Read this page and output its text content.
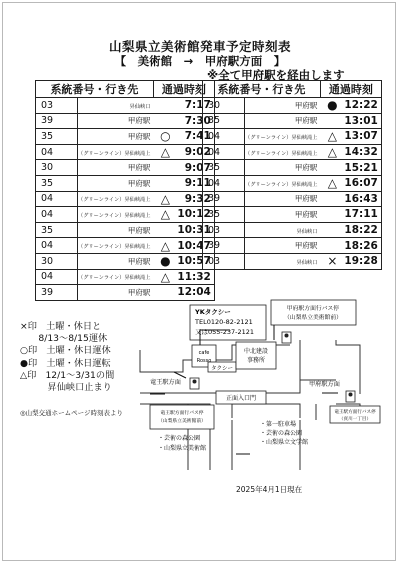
山梨県立美術館発車予定時刻表
【　美術館　→　甲府駅方面　】
※全て甲府駅を経由します
系統番号・行き先		通過時刻	
03	昇仙峡口		7:17
39	甲府駅		7:30
35	甲府駅	○	7:41
04	（グリーンライン）昇仙峡滝上	△	9:02
30	甲府駅		9:07
35	甲府駅		9:11
04	（グリーンライン）昇仙峡滝上	△	9:32
04	（グリーンライン）昇仙峡滝上	△	10:12
35	甲府駅		10:31
04	（グリーンライン）昇仙峡滝上	△	10:47
30	甲府駅	●	10:57
04	（グリーンライン）昇仙峡滝上	△	11:32
39	甲府駅		12:04
系統番号・行き先		通過時刻	
30	甲府駅	●	12:22
35	甲府駅		13:01
04	（グリーンライン）昇仙峡滝上	△	13:07
04	（グリーンライン）昇仙峡滝上	△	14:32
35	甲府駅		15:21
04	（グリーンライン）昇仙峡滝上	△	16:07
39	甲府駅		16:43
35	甲府駅		17:11
03	昇仙峡口		18:22
39	甲府駅		18:26
03	昇仙峡口	×	19:28
×印　土曜・休日と
　　8/13～8/15運休
○印　土曜・休日運休
●印　土曜・休日運転
△印　12/1～3/31の間
　　　昇仙峡口止まり
◎山梨交通ホームページ時刻表より
YKタクシー
TEL0120-82-2121
又は055-237-2121
甲府駅方面行バス停
（山梨県立美術館前）
cafe
Rosso
タクシー
中北建設
事務所
竜王駅方面	甲府駅方面
正面入口門
竜王駅方面行バス停
（山梨県立美術館前）
竜王駅方面行バス停
（貢川一丁目）
・芸術の森公園
・山梨県立美術館
・第一駐車場
・芸術の森公園
・山梨県立文学館
2025年4月1日現在
